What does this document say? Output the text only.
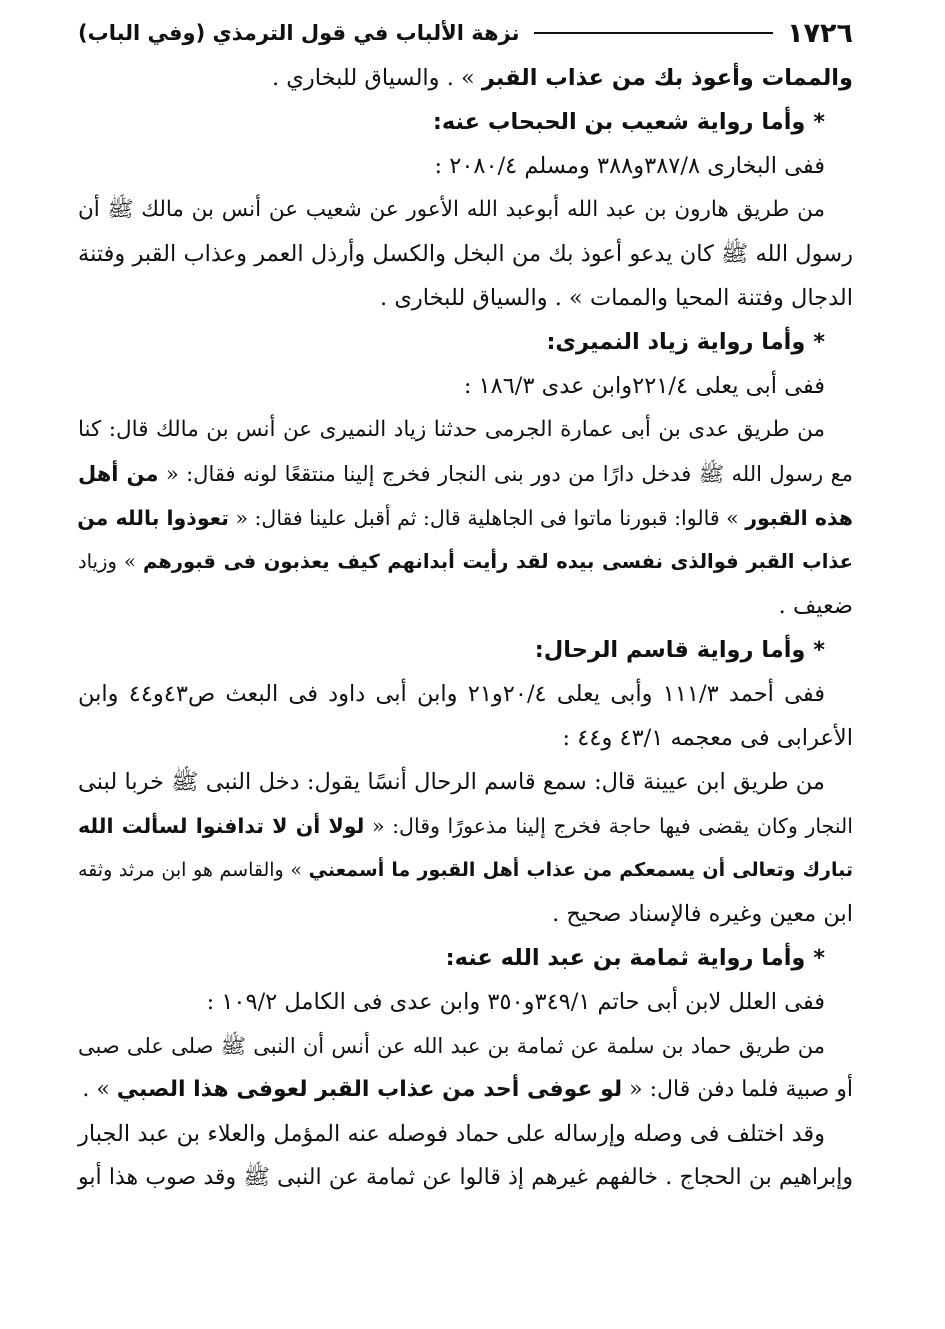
١٧٢٦
نزهة الألباب في قول الترمذي (وفي الباب)
والممات وأعوذ بك من عذاب القبر » . والسياق للبخاري .
* وأما رواية شعيب بن الحبحاب عنه:
ففى البخارى ٣٨٧/٨و٣٨٨ ومسلم ٢٠٨٠/٤ :
من طريق هارون بن عبد الله أبوعبد الله الأعور عن شعيب عن أنس بن مالك ﷺ أن
رسول الله ﷺ كان يدعو أعوذ بك من البخل والكسل وأرذل العمر وعذاب القبر وفتنة
الدجال وفتنة المحيا والممات » . والسياق للبخارى .
* وأما رواية زياد النميرى:
ففى أبى يعلى ٢٢١/٤وابن عدى ١٨٦/٣ :
من طريق عدى بن أبى عمارة الجرمى حدثنا زياد النميرى عن أنس بن مالك قال: كنا
مع رسول الله ﷺ فدخل دارًا من دور بنى النجار فخرج إلينا منتقعًا لونه فقال: « من أهل
هذه القبور » قالوا: قبورنا ماتوا فى الجاهلية قال: ثم أقبل علينا فقال: « تعوذوا بالله من
عذاب القبر فوالذى نفسى بيده لقد رأيت أبدانهم كيف يعذبون فى قبورهم » وزياد
ضعيف .
* وأما رواية قاسم الرحال:
ففى أحمد ١١١/٣ وأبى يعلى ٢٠/٤و٢١ وابن أبى داود فى البعث ص٤٣و٤٤ وابن
الأعرابى فى معجمه ٤٣/١ و٤٤ :
من طريق ابن عيينة قال: سمع قاسم الرحال أنسًا يقول: دخل النبى ﷺ خربا لبنى
النجار وكان يقضى فيها حاجة فخرج إلينا مذعورًا وقال: « لولا أن لا تدافنوا لسألت الله
تبارك وتعالى أن يسمعكم من عذاب أهل القبور ما أسمعني » والقاسم هو ابن مرثد وثقه
ابن معين وغيره فالإسناد صحيح .
* وأما رواية ثمامة بن عبد الله عنه:
ففى العلل لابن أبى حاتم ٣٤٩/١و٣٥٠ وابن عدى فى الكامل ١٠٩/٢ :
من طريق حماد بن سلمة عن ثمامة بن عبد الله عن أنس أن النبى ﷺ صلى على صبى
أو صبية فلما دفن قال: « لو عوفى أحد من عذاب القبر لعوفى هذا الصبي » .
وقد اختلف فى وصله وإرساله على حماد فوصله عنه المؤمل والعلاء بن عبد الجبار
وإبراهيم بن الحجاج . خالفهم غيرهم إذ قالوا عن ثمامة عن النبى ﷺ وقد صوب هذا أبو
